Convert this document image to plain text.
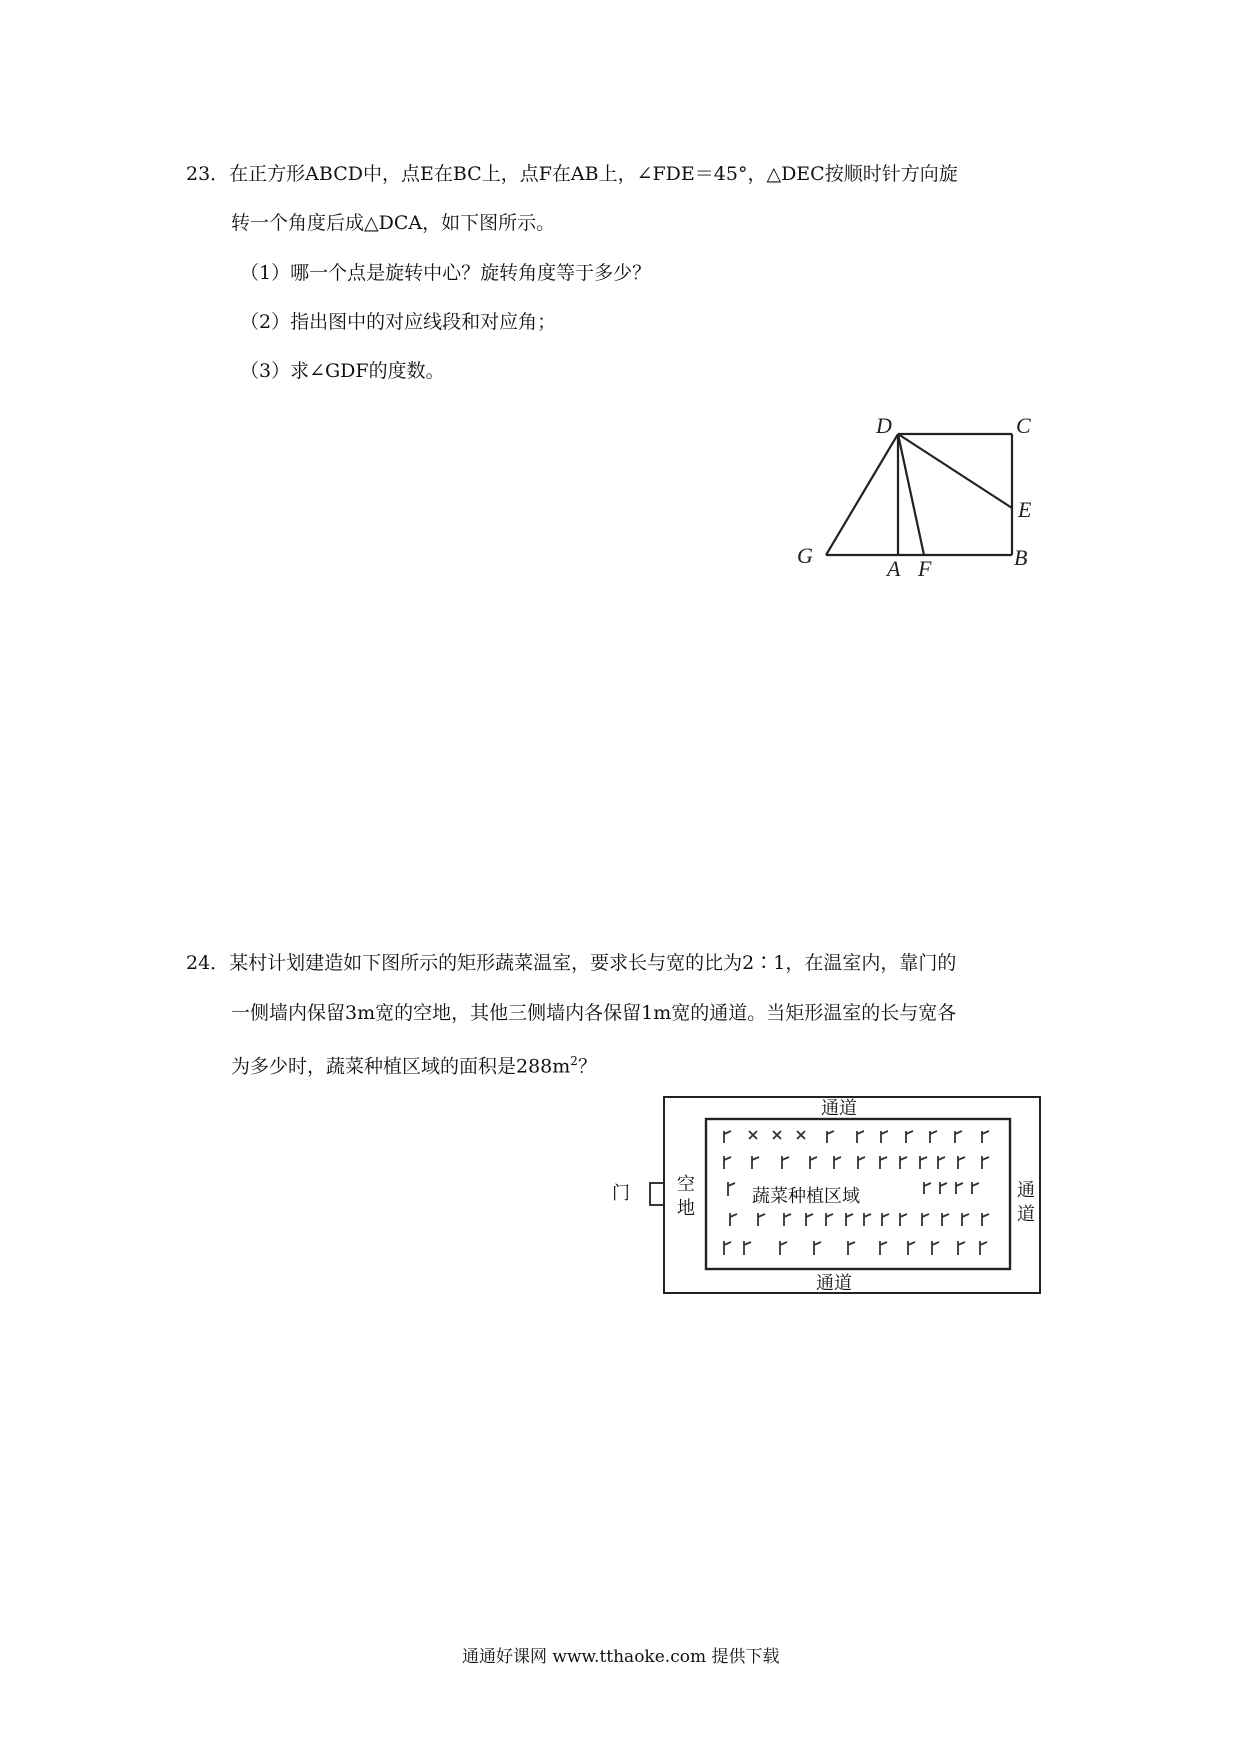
23．在正方形ABCD中，点E在BC上，点F在AB上，∠FDE＝45°，△DEC按顺时针方向旋
转一个角度后成△DCA，如下图所示。
（1）哪一个点是旋转中心？旋转角度等于多少？
（2）指出图中的对应线段和对应角；
（3）求∠GDF的度数。
D	C
E
G
A F	B
24．某村计划建造如下图所示的矩形蔬菜温室，要求长与宽的比为2∶1，在温室内，靠门的
一侧墙内保留3m宽的空地，其他三侧墙内各保留1m宽的通道。当矩形温室的长与宽各
为多少时，蔬菜种植区域的面积是$288m^2$？
通道
通道
蔬菜种植区域
门	空
地
通
道
通通好课网 www.tthaoke.com 提供下载
